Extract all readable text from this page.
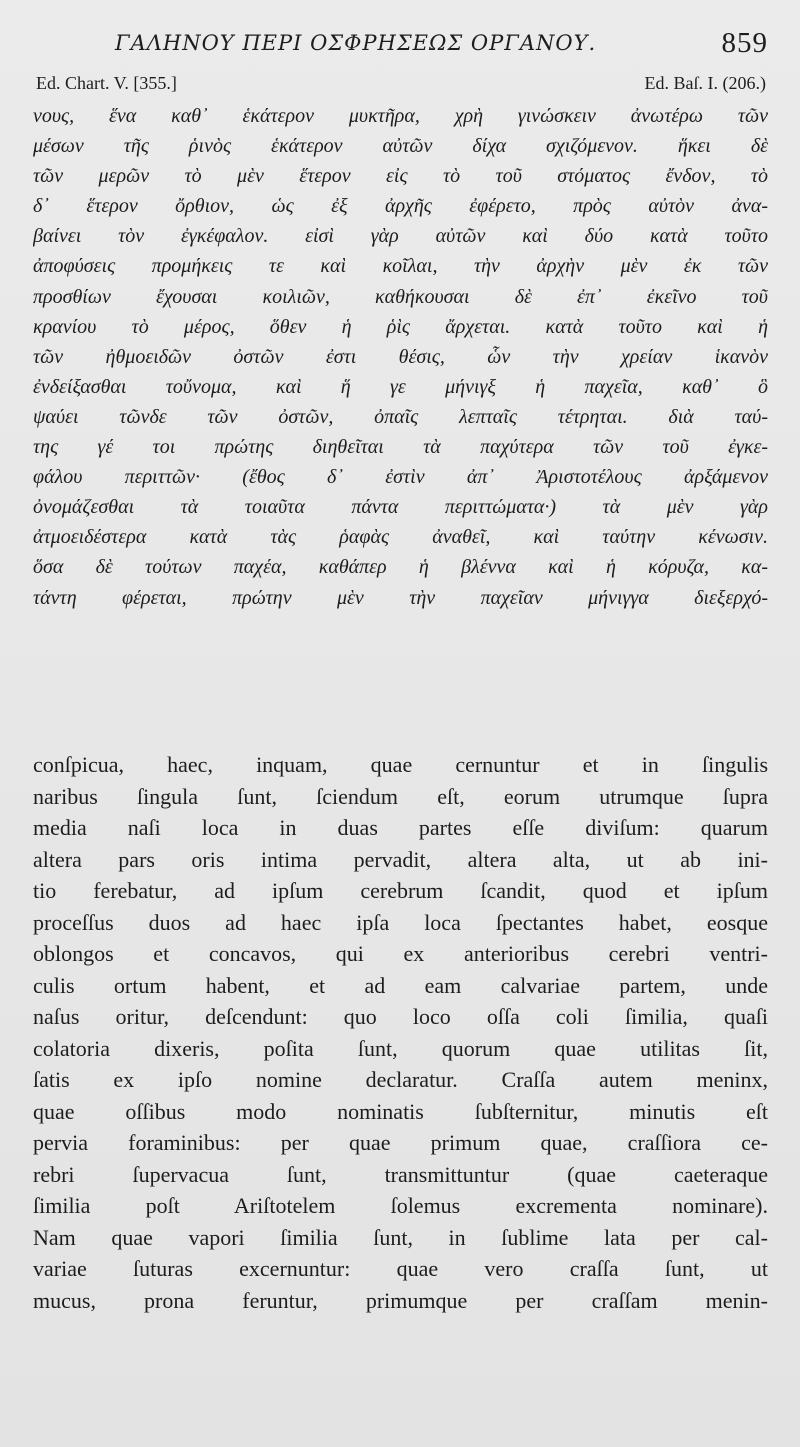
ΓΑΛΗΝΟΥ ΠΕΡΙ ΟΣΦΡΗΣΕΩΣ ΟΡΓΑΝΟΥ.	859
Ed. Chart. V. [355.]	Ed. Baſ. I. (206.)
νους, ἕνα καθ᾽ ἑκάτερον μυκτῆρα, χρὴ γινώσκειν ἀνωτέρω τῶν
μέσων τῆς ῥινὸς ἑκάτερον αὐτῶν δίχα σχιζόμενον. ἥκει δὲ
τῶν μερῶν τὸ μὲν ἕτερον εἰς τὸ τοῦ στόματος ἔνδον, τὸ
δ᾽ ἕτερον ὄρθιον, ὡς ἐξ ἀρχῆς ἐφέρετο, πρὸς αὐτὸν ἀνα-
βαίνει τὸν ἐγκέφαλον. εἰσὶ γὰρ αὐτῶν καὶ δύο κατὰ τοῦτο
ἀποφύσεις προμήκεις τε καὶ κοῖλαι, τὴν ἀρχὴν μὲν ἐκ τῶν
προσθίων ἔχουσαι κοιλιῶν, καθήκουσαι δὲ ἐπ᾽ ἐκεῖνο τοῦ
κρανίου τὸ μέρος, ὅθεν ἡ ῥὶς ἄρχεται. κατὰ τοῦτο καὶ ἡ
τῶν ἠθμοειδῶν ὀστῶν ἐστι θέσις, ὧν τὴν χρείαν ἱκανὸν
ἐνδείξασθαι τοὔνομα, καὶ ἥ γε μήνιγξ ἡ παχεῖα, καθ᾽ ὃ
ψαύει τῶνδε τῶν ὀστῶν, ὀπαῖς λεπταῖς τέτρηται. διὰ ταύ-
της γέ τοι πρώτης διηθεῖται τὰ παχύτερα τῶν τοῦ ἐγκε-
φάλου περιττῶν· (ἔθος δ᾽ ἐστὶν ἀπ᾽ Ἀριστοτέλους ἀρξάμενον
ὀνομάζεσθαι τὰ τοιαῦτα πάντα περιττώματα·) τὰ μὲν γὰρ
ἀτμοειδέστερα κατὰ τὰς ῥαφὰς ἀναθεῖ, καὶ ταύτην κένωσιν.
ὅσα δὲ τούτων παχέα, καθάπερ ἡ βλέννα καὶ ἡ κόρυζα, κα-
τάντη φέρεται, πρώτην μὲν τὴν παχεῖαν μήνιγγα διεξερχό-
conſpicua, haec, inquam, quae cernuntur et in ſingulis
naribus ſingula ſunt, ſciendum eſt, eorum utrumque ſupra
media naſi loca in duas partes eſſe diviſum: quarum
altera pars oris intima pervadit, altera alta, ut ab ini-
tio ferebatur, ad ipſum cerebrum ſcandit, quod et ipſum
proceſſus duos ad haec ipſa loca ſpectantes habet, eosque
oblongos et concavos, qui ex anterioribus cerebri ventri-
culis ortum habent, et ad eam calvariae partem, unde
naſus oritur, deſcendunt: quo loco oſſa coli ſimilia, quaſi
colatoria dixeris, poſita ſunt, quorum quae utilitas ſit,
ſatis ex ipſo nomine declaratur. Craſſa autem meninx,
quae oſſibus modo nominatis ſubſternitur, minutis eſt
pervia foraminibus: per quae primum quae, craſſiora ce-
rebri ſupervacua ſunt, transmittuntur (quae caeteraque
ſimilia poſt Ariſtotelem ſolemus excrementa nominare).
Nam quae vapori ſimilia ſunt, in ſublime lata per cal-
variae ſuturas excernuntur: quae vero craſſa ſunt, ut
mucus, prona feruntur, primumque per craſſam menin-
